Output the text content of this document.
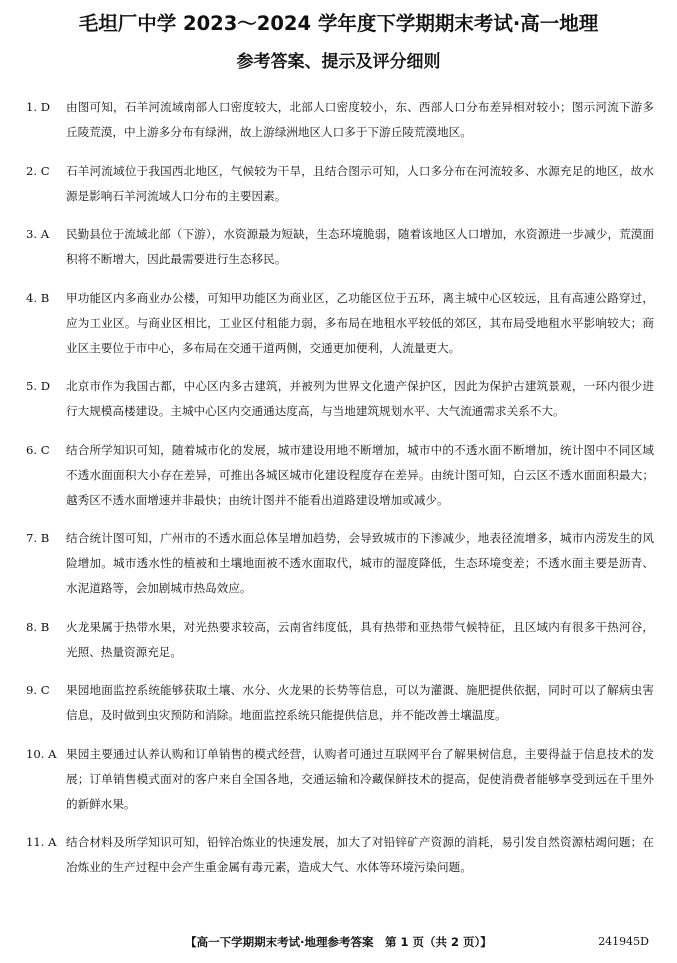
毛坦厂中学 2023～2024 学年度下学期期末考试·高一地理
参考答案、提示及评分细则
1. D	由图可知，石羊河流域南部人口密度较大，北部人口密度较小，东、西部人口分布差异相对较小；图示河流下游多丘陵荒漠，中上游多分布有绿洲，故上游绿洲地区人口多于下游丘陵荒漠地区。
2. C	石羊河流域位于我国西北地区，气候较为干旱，且结合图示可知，人口多分布在河流较多、水源充足的地区，故水源是影响石羊河流域人口分布的主要因素。
3. A	民勤县位于流域北部（下游），水资源最为短缺，生态环境脆弱，随着该地区人口增加，水资源进一步减少，荒漠面积将不断增大，因此最需要进行生态移民。
4. B	甲功能区内多商业办公楼，可知甲功能区为商业区，乙功能区位于五环，离主城中心区较远，且有高速公路穿过，应为工业区。与商业区相比，工业区付租能力弱，多布局在地租水平较低的郊区，其布局受地租水平影响较大；商业区主要位于市中心，多布局在交通干道两侧，交通更加便利，人流量更大。
5. D	北京市作为我国古都，中心区内多古建筑，并被列为世界文化遗产保护区，因此为保护古建筑景观，一环内很少进行大规模高楼建设。主城中心区内交通通达度高，与当地建筑规划水平、大气流通需求关系不大。
6. C	结合所学知识可知，随着城市化的发展，城市建设用地不断增加，城市中的不透水面不断增加，统计图中不同区域不透水面面积大小存在差异，可推出各城区城市化建设程度存在差异。由统计图可知，白云区不透水面面积最大；越秀区不透水面增速并非最快；由统计图并不能看出道路建设增加或减少。
7. B	结合统计图可知，广州市的不透水面总体呈增加趋势，会导致城市的下渗减少，地表径流增多，城市内涝发生的风险增加。城市透水性的植被和土壤地面被不透水面取代，城市的湿度降低，生态环境变差；不透水面主要是沥青、水泥道路等，会加剧城市热岛效应。
8. B	火龙果属于热带水果，对光热要求较高，云南省纬度低，具有热带和亚热带气候特征，且区域内有很多干热河谷，光照、热量资源充足。
9. C	果园地面监控系统能够获取土壤、水分、火龙果的长势等信息，可以为灌溉、施肥提供依据，同时可以了解病虫害信息，及时做到虫灾预防和消除。地面监控系统只能提供信息，并不能改善土壤温度。
10. A 果园主要通过认养认购和订单销售的模式经营，认购者可通过互联网平台了解果树信息，主要得益于信息技术的发展；订单销售模式面对的客户来自全国各地，交通运输和冷藏保鲜技术的提高，促使消费者能够享受到远在千里外的新鲜水果。
11. A 结合材料及所学知识可知，铅锌冶炼业的快速发展，加大了对铅锌矿产资源的消耗，易引发自然资源枯竭问题；在冶炼业的生产过程中会产生重金属有毒元素，造成大气、水体等环境污染问题。
【高一下学期期末考试·地理参考答案　第 1 页（共 2 页）】	241945D
